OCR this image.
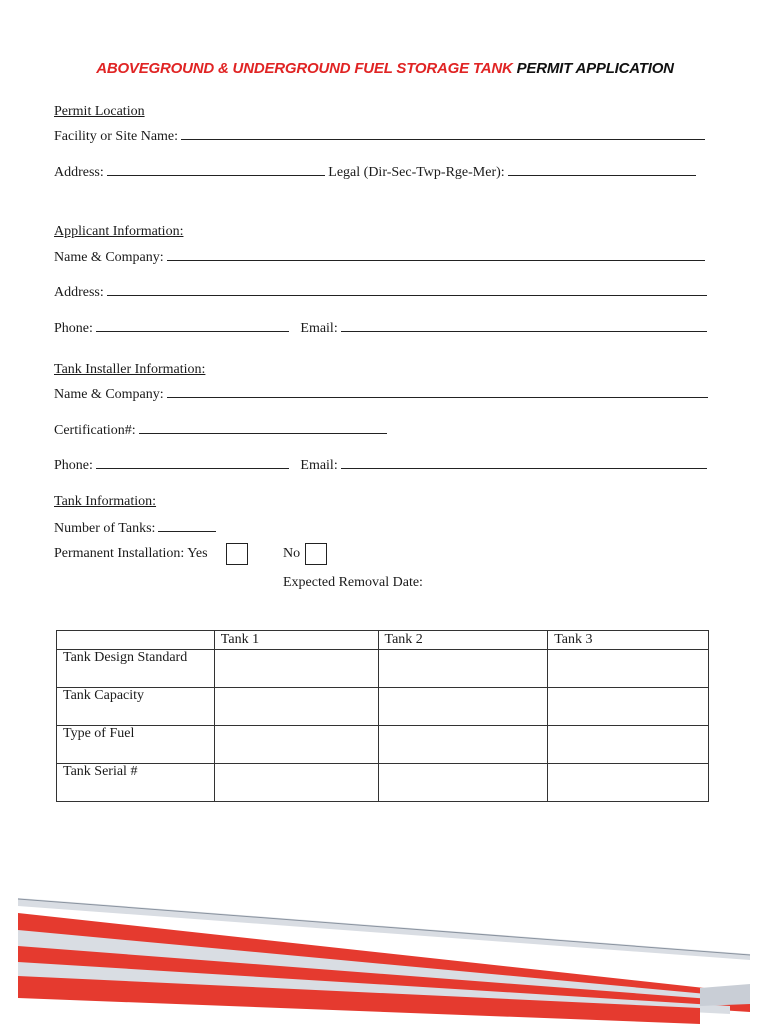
ABOVEGROUND & UNDERGROUND FUEL STORAGE TANK PERMIT APPLICATION
Permit Location
Facility or Site Name:
Address:	Legal (Dir-Sec-Twp-Rge-Mer):
Applicant Information:
Name & Company:
Address:
Phone:	Email:
Tank Installer Information:
Name & Company:
Certification#:
Phone:	Email:
Tank Information:
Number of Tanks:
Permanent Installation: Yes	No
Expected Removal Date:
	Tank 1	Tank 2	Tank 3

Tank Design Standard			

Tank Capacity			

Type of Fuel			

Tank Serial #			
